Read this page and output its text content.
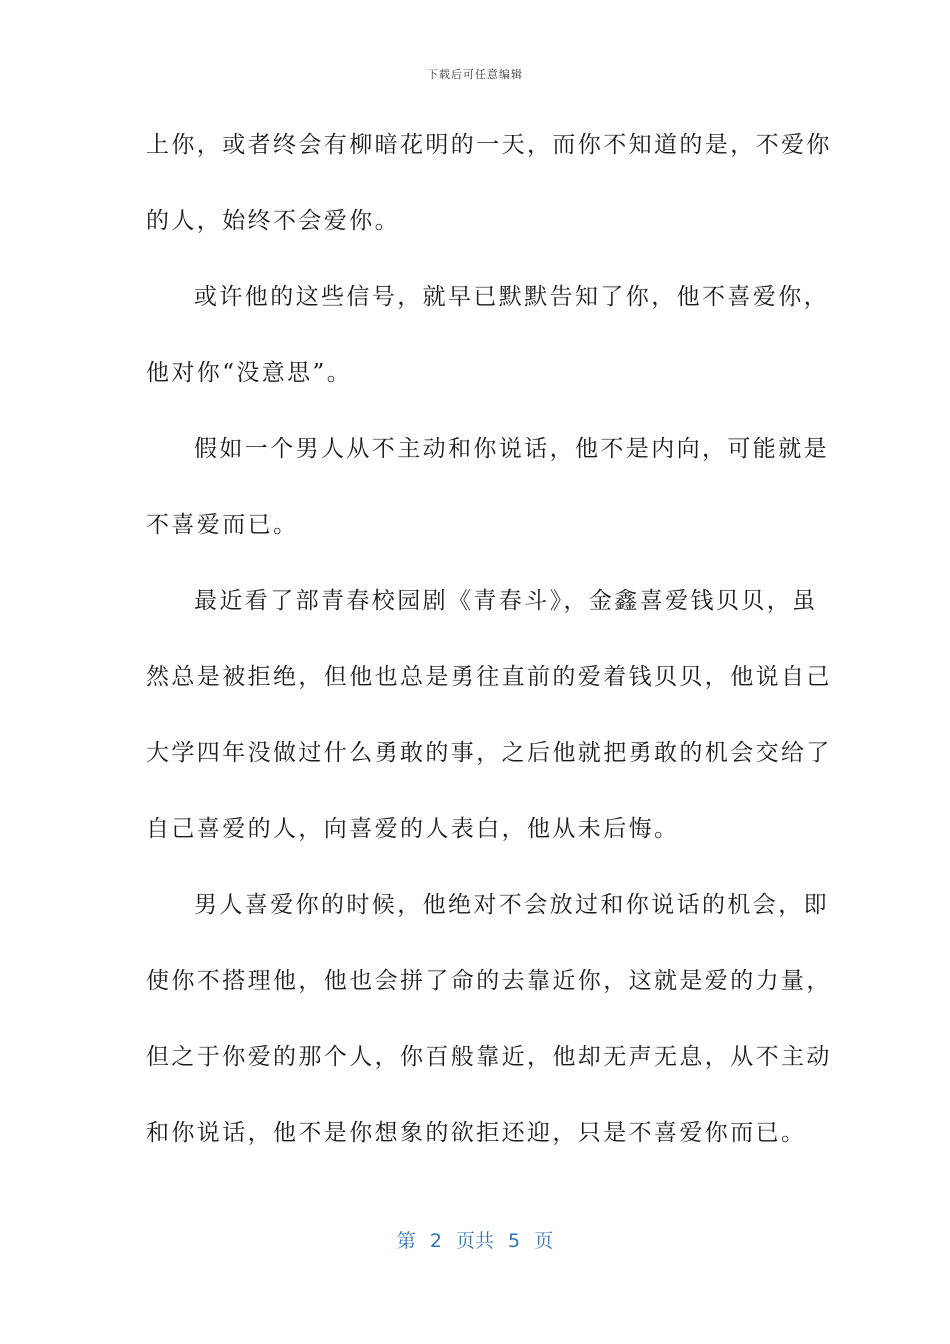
下载后可任意编辑
上你，或者终会有柳暗花明的一天，而你不知道的是，不爱你
的人，始终不会爱你。
或许他的这些信号，就早已默默告知了你，他不喜爱你，
他对你“没意思”。
假如一个男人从不主动和你说话，他不是内向，可能就是
不喜爱而已。
最近看了部青春校园剧《青春斗》，金鑫喜爱钱贝贝，虽
然总是被拒绝，但他也总是勇往直前的爱着钱贝贝，他说自己
大学四年没做过什么勇敢的事，之后他就把勇敢的机会交给了
自己喜爱的人，向喜爱的人表白，他从未后悔。
男人喜爱你的时候，他绝对不会放过和你说话的机会，即
使你不搭理他，他也会拼了命的去靠近你，这就是爱的力量，
但之于你爱的那个人，你百般靠近，他却无声无息，从不主动
和你说话，他不是你想象的欲拒还迎，只是不喜爱你而已。
第 2 页共 5 页
